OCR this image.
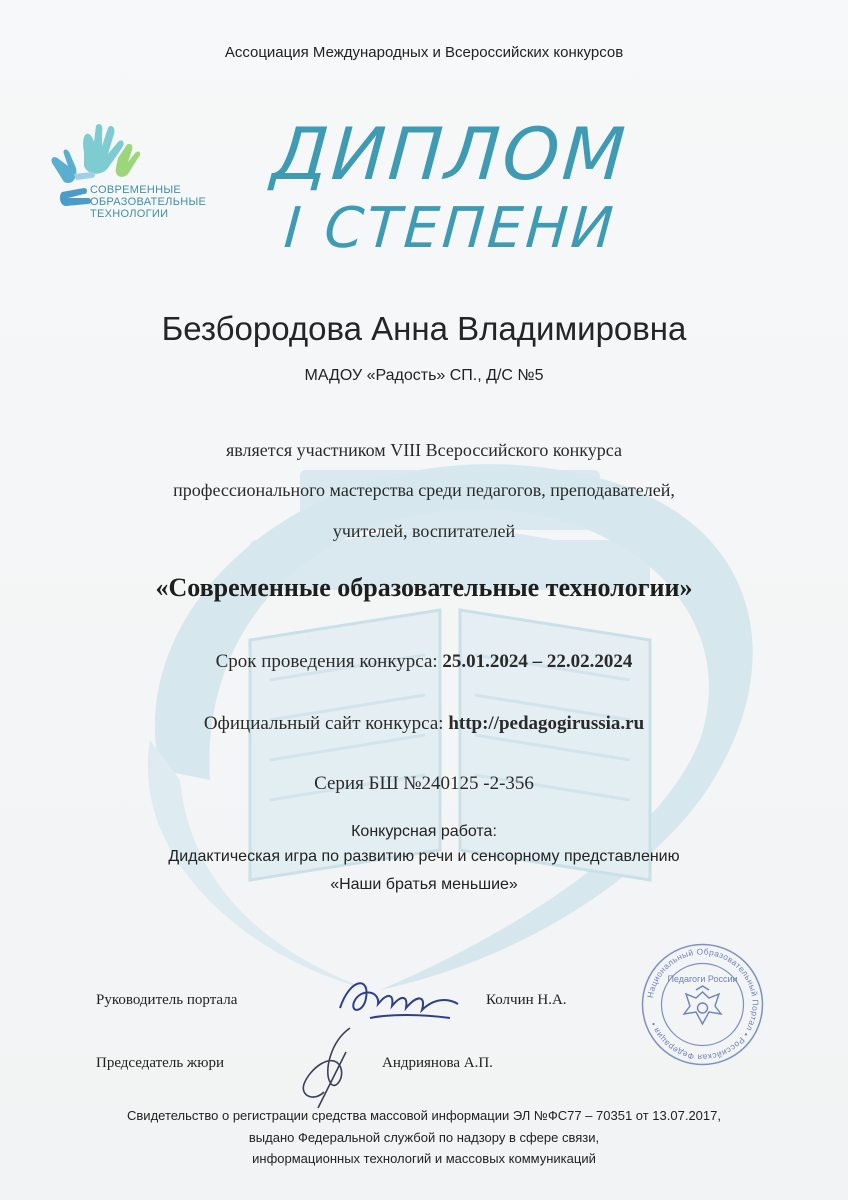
Ассоциация Международных и Всероссийских конкурсов
СОВРЕМЕННЫЕ
ОБРАЗОВАТЕЛЬНЫЕ
ТЕХНОЛОГИИ
ДИПЛОМ
I СТЕПЕНИ
Безбородова Анна Владимировна
МАДОУ «Радость» СП., Д/С №5
является участником VIII Всероссийского конкурса
профессионального мастерства среди педагогов, преподавателей,
учителей, воспитателей
«Современные образовательные технологии»
Срок проведения конкурса: 25.01.2024 – 22.02.2024
Официальный сайт конкурса: http://pedagogirussia.ru
Серия БШ №240125 -2-356
Конкурсная работа:
Дидактическая игра по развитию речи и сенсорному представлению
«Наши братья меньшие»
Руководитель портала	Колчин Н.А.
Председатель жюри	Андриянова А.П.
Национальный Образовательный Портал • Российская Федерация •
Педагоги России
Свидетельство о регистрации средства массовой информации ЭЛ №ФС77 – 70351 от 13.07.2017,
выдано Федеральной службой по надзору в сфере связи,
информационных технологий и массовых коммуникаций
